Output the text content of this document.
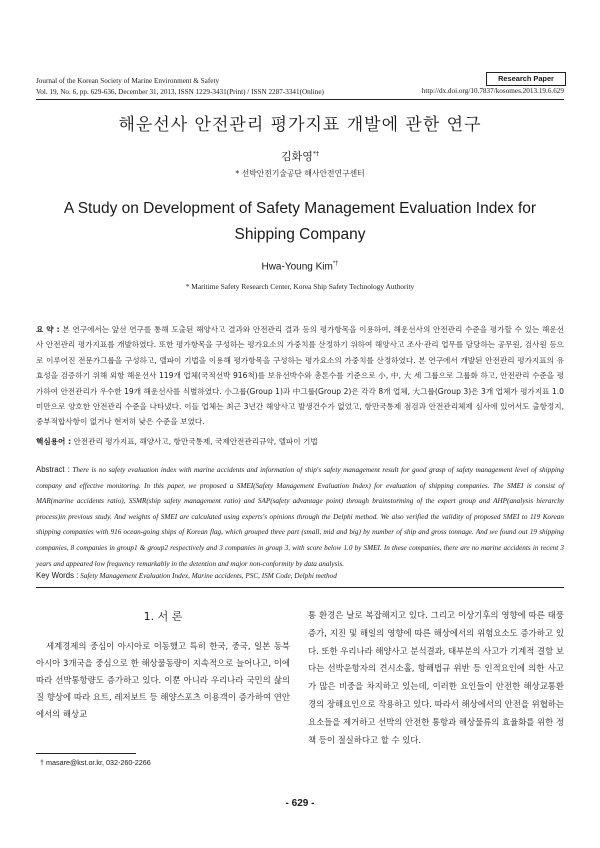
Journal of the Korean Society of Marine Environment & Safety
Vol. 19, No. 6, pp. 629-636, December 31, 2013, ISSN 1229-3431(Print) / ISSN 2287-3341(Online)
Research Paper
http://dx.doi.org/10.7837/kosomes.2013.19.6.629
해운선사 안전관리 평가지표 개발에 관한 연구
김화영*†
* 선박안전기술공단 해사안전연구센터
A Study on Development of Safety Management Evaluation Index for Shipping Company
Hwa-Young Kim*†
* Maritime Safety Research Center, Korea Ship Safety Technology Authority
요 약 : 본 연구에서는 앞선 연구를 통해 도출된 해양사고 결과와 안전관리 결과 등의 평가항목을 이용하여, 해운선사의 안전관리 수준을 평가할 수 있는 해운선사 안전관리 평가지표를 개발하였다. 또한 평가항목을 구성하는 평가요소의 가중치를 산정하기 위하여 해양사고 조사·관리 업무를 담당하는 공무원, 검사원 등으로 이루어진 전문가그룹을 구성하고, 델파이 기법을 이용해 평가항목을 구성하는 평가요소의 가중치를 산정하였다. 본 연구에서 개발된 안전관리 평가지표의 유효성을 검증하기 위해 외항 해운선사 119개 업체(국적선박 916척)를 보유선박수와 총톤수를 기준으로 小, 中, 大 세 그룹으로 그룹화 하고, 안전관리 수준을 평가하여 안전관리가 우수한 19개 해운선사를 식별하였다. 小그룹(Group 1)과 中그룹(Group 2)은 각각 8개 업체, 大그룹(Group 3)은 3개 업체가 평가지표 1.0 미만으로 양호한 안전관리 수준을 나타냈다. 이들 업체는 최근 3년간 해양사고 발생건수가 없었고, 항만국통제 점검과 안전관리체제 심사에 있어서도 출항정지, 중부적합사항이 없거나 현저히 낮은 수준을 보였다.
핵심용어 : 안전관리 평가지표, 해양사고, 항만국통제, 국제안전관리규약, 델파이 기법
Abstract : There is no safety evaluation index with marine accidents and information of ship's safety management result for good grasp of safety management level of shipping company and effective monitoring. In this paper, we proposed a SMEI(Safety Management Evaluation Index) for evaluation of shipping companies. The SMEI is consist of MAR(marine accidents ratio), SSMR(ship safety management ratio) and SAP(safety advantage point) through brainstorming of the expert group and AHP(analysis hierarchy process)in previous study. And weights of SMEI are calculated using experts's opinions through the Delphi method. We also verified the validity of proposed SMEI to 119 Korean shipping companies with 916 ocean-going ships of Korean flag, which grouped three part (small, mid and big) by number of ship and gross tonnage. And we found out 19 shipping companies, 8 companies in group1 & group2 respectively and 3 companies in group 3, with score below 1.0 by SMEI. In these companies, there are no marine accidents in recent 3 years and appeared low frequency remarkably in the detention and major non-conformity by data analysis.
Key Words : Safety Management Evaluation Index, Marine accidents, PSC, ISM Code, Delphi method
1. 서 론
세계경제의 중심이 아시아로 이동했고 특히 한국, 중국, 일본 동북아시아 3개국을 중심으로 한 해상물동량이 지속적으로 늘어나고, 이에 따라 선박통항량도 증가하고 있다. 이뿐 아니라 우리나라 국민의 삶의 질 향상에 따라 요트, 레저보트 등 해양스포츠 이용객이 증가하여 연안에서의 해상교
통 환경은 날로 복잡해지고 있다. 그리고 이상기후의 영향에 따른 태풍 증가, 지진 및 해일의 영향에 따른 해상에서의 위험요소도 증가하고 있다. 또한 우리나라 해양사고 분석결과, 태부분의 사고가 기계적 결함 보다는 선박운항자의 견시소홀, 항해법규 위반 등 인적요인에 의한 사고가 많은 비중을 차지하고 있는데, 이러한 요인들이 안전한 해상교통환경의 장해요인으로 작용하고 있다. 따라서 해상에서의 안전을 위협하는 요소들을 제거하고 선박의 안전한 통항과 해상물류의 효율화를 위한 정책 등이 절실하다고 할 수 있다.
† masare@kst.or.kr, 032-260-2266
- 629 -
